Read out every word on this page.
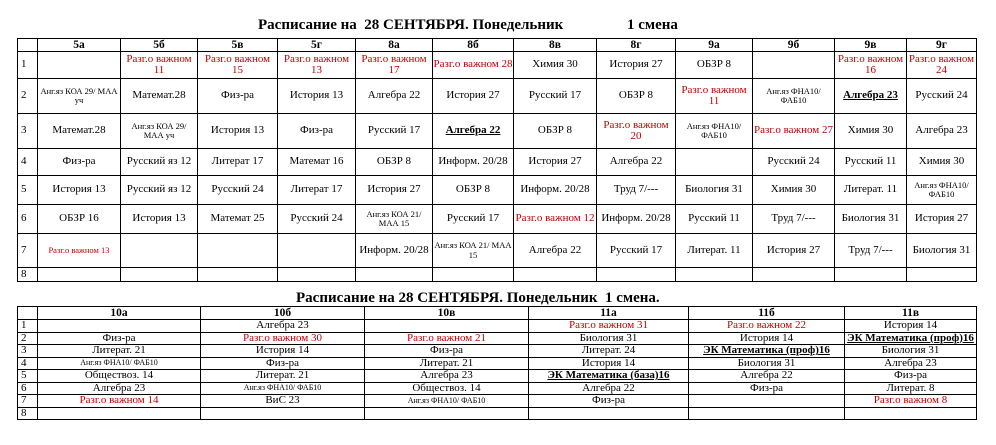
Расписание на  28 СЕНТЯБРЯ. Понедельник                 1 смена
	5а	5б	5в	5г	8а	8б	8в	8г	9а	9б	9в	9г
1		Разг.о важном 11	Разг.о важном 15	Разг.о важном 13	Разг.о важном 17	Разг.о важном 28	Химия 30	История 27	ОБЗР 8		Разг.о важном 16	Разг.о важном 24
2	Анг.яз КОА 29/ МАА уч	Математ.28	Физ-ра	История 13	Алгебра 22	История 27	Русский 17	ОБЗР 8	Разг.о важном 11	Анг.яз ФНА10/ ФАБ10	Алгебра 23	Русский 24
3	Математ.28	Анг.яз КОА 29/ МАА уч	История 13	Физ-ра	Русский 17	Алгебра 22	ОБЗР 8	Разг.о важном 20	Анг.яз ФНА10/ ФАБ10	Разг.о важном 27	Химия 30	Алгебра 23
4	Физ-ра	Русский яз 12	Литерат 17	Математ 16	ОБЗР 8	Информ. 20/28	История 27	Алгебра 22		Русский 24	Русский 11	Химия 30
5	История 13	Русский яз 12	Русский 24	Литерат 17	История 27	ОБЗР 8	Информ. 20/28	Труд 7/---	Биология 31	Химия 30	Литерат. 11	Анг.яз ФНА10/ ФАБ10
6	ОБЗР 16	История 13	Математ 25	Русский 24	Анг.яз КОА 21/ МАА 15	Русский 17	Разг.о важном 12	Информ. 20/28	Русский 11	Труд 7/---	Биология 31	История 27
7	Разг.о важном 13				Информ. 20/28	Анг.яз КОА 21/ МАА 15	Алгебра 22	Русский 17	Литерат. 11	История 27	Труд 7/---	Биология 31
8												
Расписание на 28 СЕНТЯБРЯ. Понедельник  1 смена.
	10а	10б	10в	11а	11б	11в
1		Алгебра 23		Разг.о важном 31	Разг.о важном 22	История 14
2	Физ-ра	Разг.о важном 30	Разг.о важном 21	Биология 31	История 14	ЭК Математика (проф)16
3	Литерат. 21	История 14	Физ-ра	Литерат. 24	ЭК Математика (проф)16	Биология 31
4	Анг.яз ФНА10/ ФАБ10	Физ-ра	Литерат. 21	История 14	Биология 31	Алгебра 23
5	Обществоз. 14	Литерат. 21	Алгебра 23	ЭК Математика (база)16	Алгебра 22	Физ-ра
6	Алгебра 23	Анг.яз ФНА10/ ФАБ10	Обществоз. 14	Алгебра 22	Физ-ра	Литерат. 8
7	Разг.о важном 14	ВиС 23	Анг.яз ФНА10/ ФАБ10	Физ-ра		Разг.о важном 8
8						
